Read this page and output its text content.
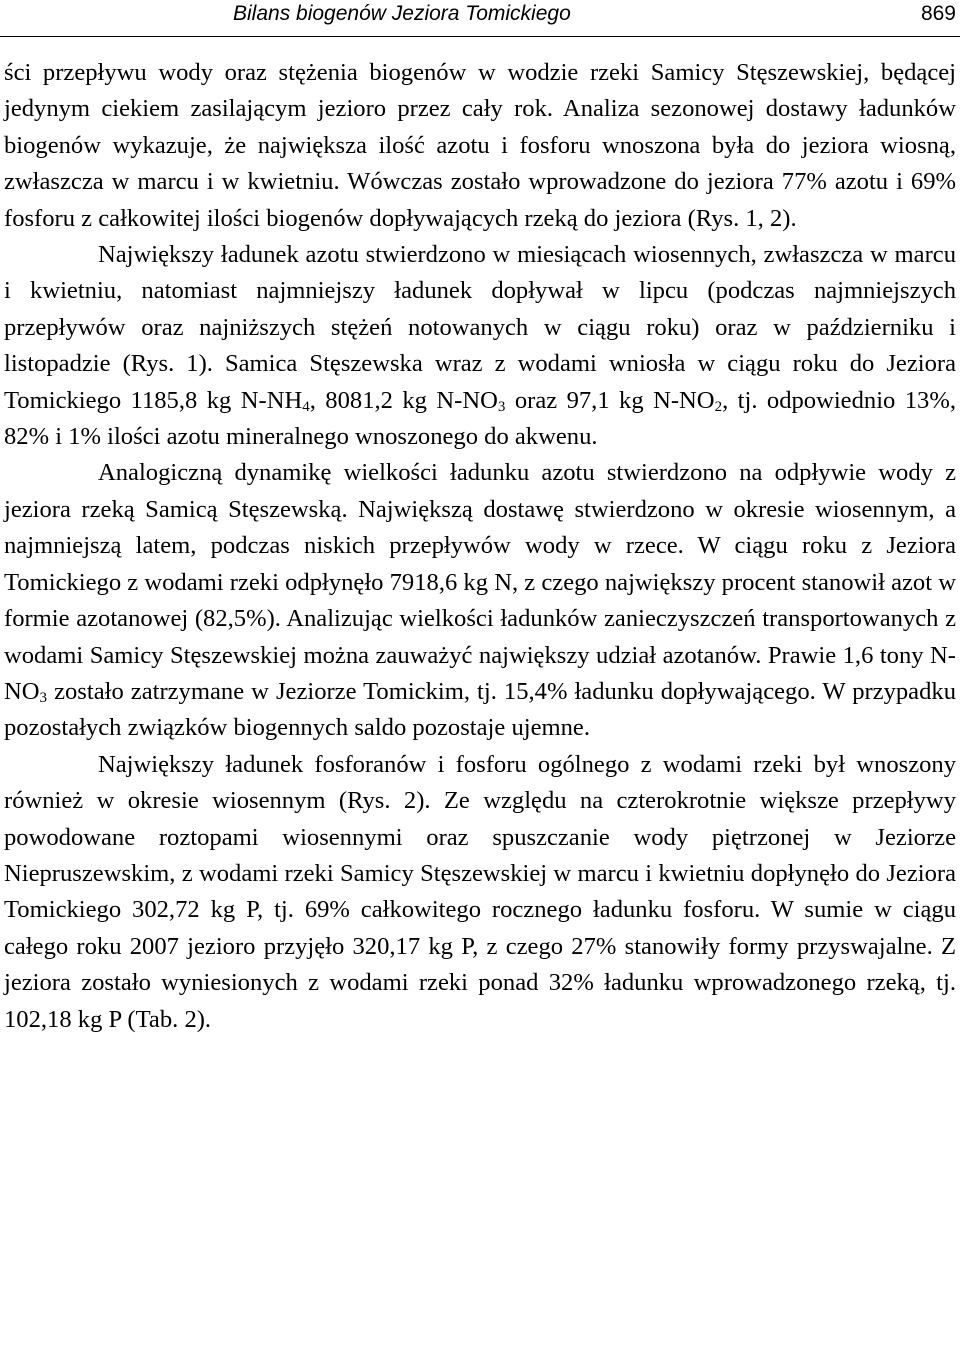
Bilans biogenów Jeziora Tomickiego	869

ści przepływu wody oraz stężenia biogenów w wodzie rzeki Samicy Stęszewskiej, będącej jedynym ciekiem zasilającym jezioro przez cały rok. Analiza sezonowej dostawy ładunków biogenów wykazuje, że największa ilość azotu i fosforu wnoszona była do jeziora wiosną, zwłaszcza w marcu i w kwietniu. Wówczas zostało wprowadzone do jeziora 77% azotu i 69% fosforu z całkowitej ilości biogenów dopływających rzeką do jeziora (Rys. 1, 2).

Największy ładunek azotu stwierdzono w miesiącach wiosennych, zwłaszcza w marcu i kwietniu, natomiast najmniejszy ładunek dopływał w lipcu (podczas najmniejszych przepływów oraz najniższych stężeń notowanych w ciągu roku) oraz w październiku i listopadzie (Rys. 1). Samica Stęszewska wraz z wodami wniosła w ciągu roku do Jeziora Tomickiego 1185,8 kg $N-NH_4$, 8081,2 kg $N-NO_3$ oraz 97,1 kg $N-NO_2$, tj. odpowiednio 13%, 82% i 1% ilości azotu mineralnego wnoszonego do akwenu.

Analogiczną dynamikę wielkości ładunku azotu stwierdzono na odpływie wody z jeziora rzeką Samicą Stęszewską. Największą dostawę stwierdzono w okresie wiosennym, a najmniejszą latem, podczas niskich przepływów wody w rzece. W ciągu roku z Jeziora Tomickiego z wodami rzeki odpłynęło 7918,6 kg N, z czego największy procent stanowił azot w formie azotanowej (82,5%). Analizując wielkości ładunków zanieczyszczeń transportowanych z wodami Samicy Stęszewskiej można zauważyć największy udział azotanów. Prawie 1,6 tony $N-NO_3$ zostało zatrzymane w Jeziorze Tomickim, tj. 15,4% ładunku dopływającego. W przypadku pozostałych związków biogennych saldo pozostaje ujemne.

Największy ładunek fosforanów i fosforu ogólnego z wodami rzeki był wnoszony również w okresie wiosennym (Rys. 2). Ze względu na czterokrotnie większe przepływy powodowane roztopami wiosennymi oraz spuszczanie wody piętrzonej w Jeziorze Niepruszewskim, z wodami rzeki Samicy Stęszewskiej w marcu i kwietniu dopłynęło do Jeziora Tomickiego 302,72 kg P, tj. 69% całkowitego rocznego ładunku fosforu. W sumie w ciągu całego roku 2007 jezioro przyjęło 320,17 kg P, z czego 27% stanowiły formy przyswajalne. Z jeziora zostało wyniesionych z wodami rzeki ponad 32% ładunku wprowadzonego rzeką, tj. 102,18 kg P (Tab. 2).
